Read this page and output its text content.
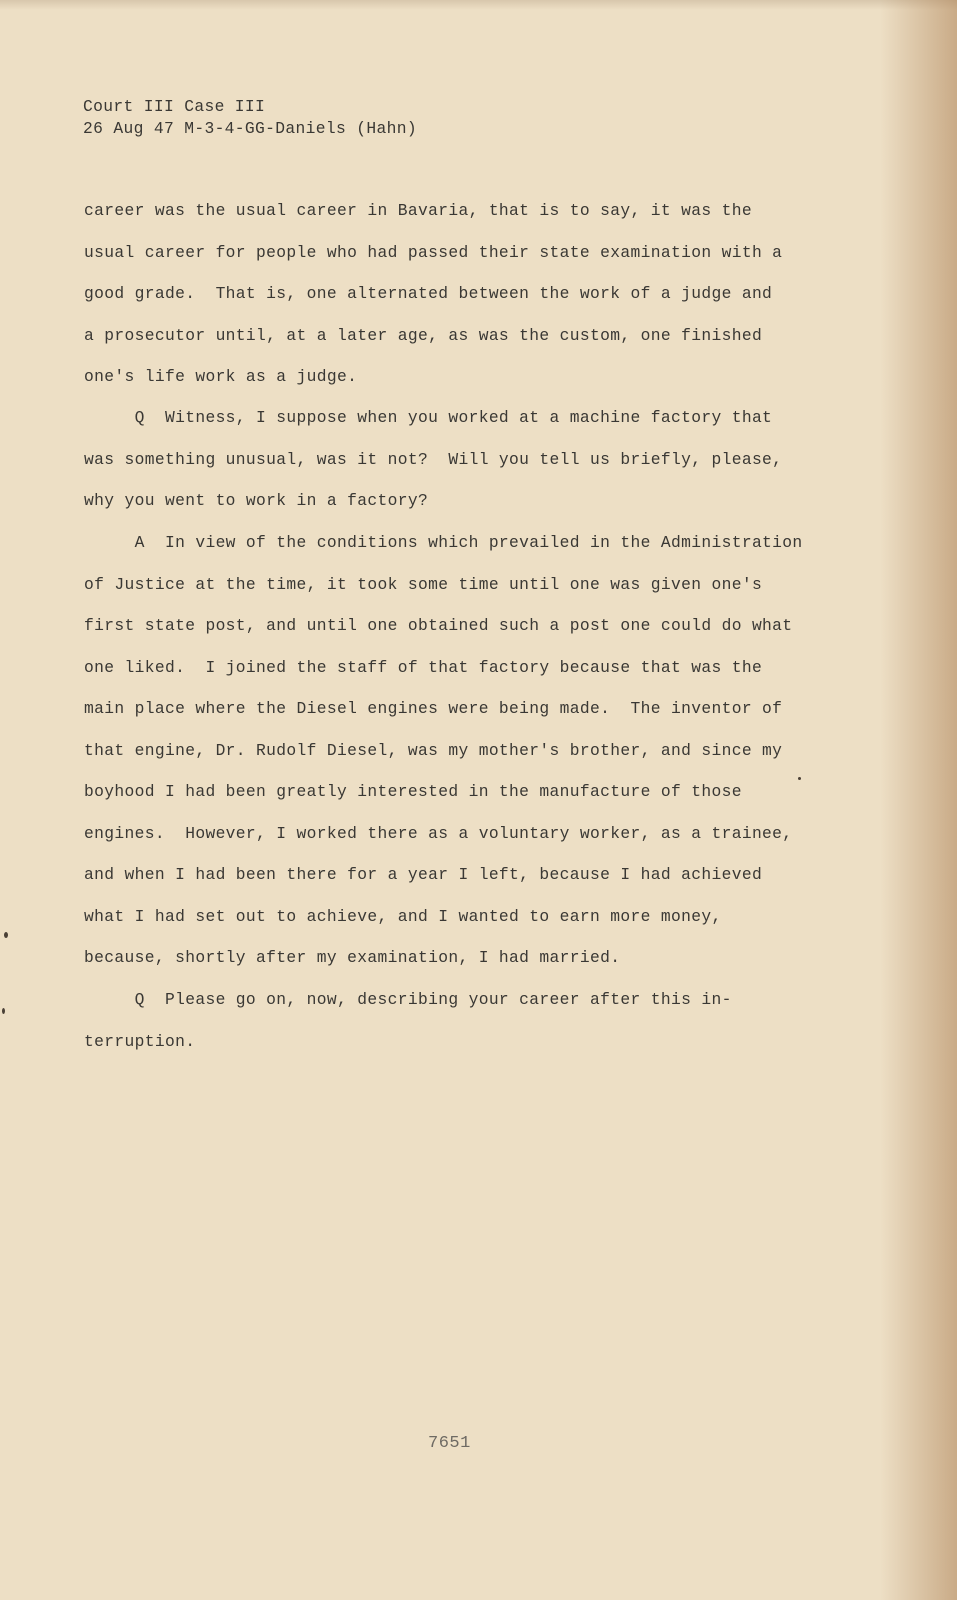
Court III Case III
26 Aug 47 M-3-4-GG-Daniels (Hahn)
career was the usual career in Bavaria, that is to say, it was the
usual career for people who had passed their state examination with a
good grade.  That is, one alternated between the work of a judge and
a prosecutor until, at a later age, as was the custom, one finished
one's life work as a judge.
Q  Witness, I suppose when you worked at a machine factory that
was something unusual, was it not?  Will you tell us briefly, please,
why you went to work in a factory?
A  In view of the conditions which prevailed in the Administration
of Justice at the time, it took some time until one was given one's
first state post, and until one obtained such a post one could do what
one liked.  I joined the staff of that factory because that was the
main place where the Diesel engines were being made.  The inventor of
that engine, Dr. Rudolf Diesel, was my mother's brother, and since my
boyhood I had been greatly interested in the manufacture of those
engines.  However, I worked there as a voluntary worker, as a trainee,
and when I had been there for a year I left, because I had achieved
what I had set out to achieve, and I wanted to earn more money,
because, shortly after my examination, I had married.
Q  Please go on, now, describing your career after this in-
terruption.
7651
